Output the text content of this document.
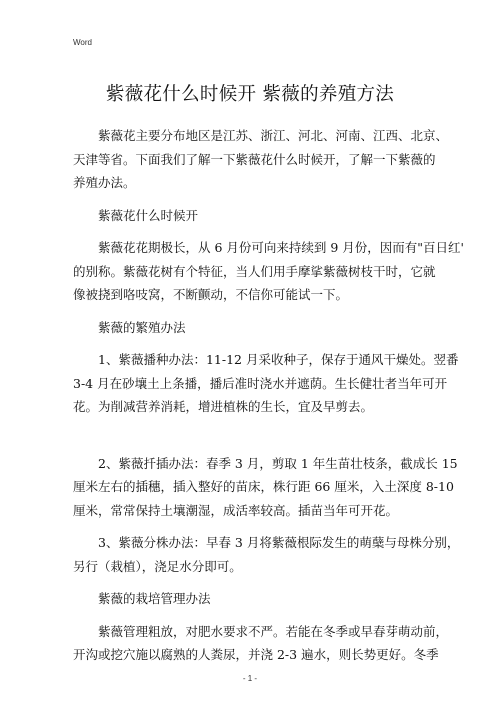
Word
紫薇花什么时候开 紫薇的养殖方法
紫薇花主要分布地区是江苏、浙江、河北、河南、江西、北京、
天津等省。下面我们了解一下紫薇花什么时候开，了解一下紫薇的
养殖办法。
紫薇花什么时候开
紫薇花花期极长，从 6 月份可向来持续到 9 月份，因而有"百日红'
的别称。紫薇花树有个特征，当人们用手摩挲紫薇树枝干时，它就
像被挠到咯吱窝，不断颤动，不信你可能试一下。
紫薇的繁殖办法
1、紫薇播种办法：11-12 月采收种子，保存于通风干燥处。翌番
3-4 月在砂壤土上条播，播后准时浇水并遮荫。生长健壮者当年可开
花。为削减营养消耗，增进植株的生长，宜及早剪去。
2、紫薇扦插办法：春季 3 月，剪取 1 年生苗壮枝条，截成长 15
厘米左右的插穗，插入整好的苗床，株行距 66 厘米，入土深度 8-10
厘米，常常保持土壤潮湿，成活率较高。插苗当年可开花。
3、紫薇分株办法：早春 3 月将紫薇根际发生的萌蘖与母株分别，
另行（栽植），浇足水分即可。
紫薇的栽培管理办法
紫薇管理粗放，对肥水要求不严。若能在冬季或早春芽萌动前，
开沟或挖穴施以腐熟的人粪尿，并浇 2-3 遍水，则长势更好。冬季
- 1 -
